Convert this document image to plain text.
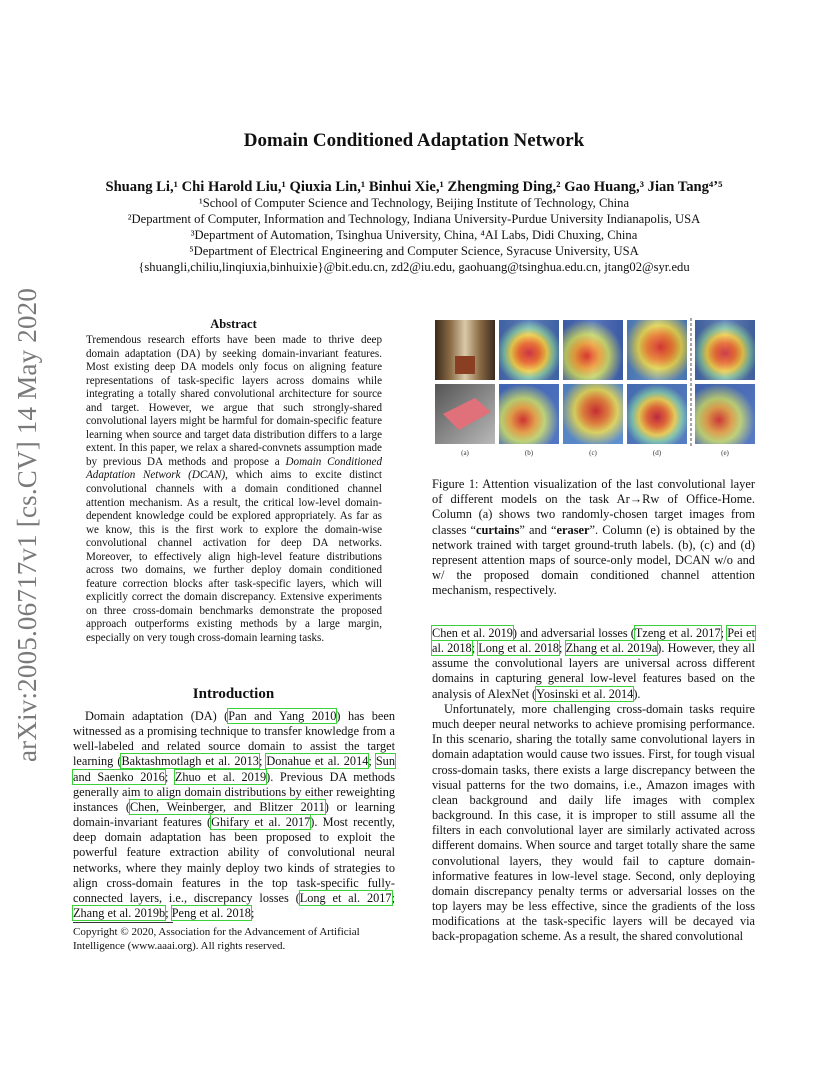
Domain Conditioned Adaptation Network
Shuang Li,¹ Chi Harold Liu,¹ Qiuxia Lin,¹ Binhui Xie,¹ Zhengming Ding,² Gao Huang,³ Jian Tang⁴ʼ⁵
¹School of Computer Science and Technology, Beijing Institute of Technology, China
²Department of Computer, Information and Technology, Indiana University-Purdue University Indianapolis, USA
³Department of Automation, Tsinghua University, China, ⁴AI Labs, Didi Chuxing, China
⁵Department of Electrical Engineering and Computer Science, Syracuse University, USA
{shuangli,chiliu,linqiuxia,binhuixie}@bit.edu.cn, zd2@iu.edu, gaohuang@tsinghua.edu.cn, jtang02@syr.edu
arXiv:2005.06717v1 [cs.CV] 14 May 2020	Abstract
Tremendous research efforts have been made to thrive deep domain adaptation (DA) by seeking domain-invariant features. Most existing deep DA models only focus on aligning feature representations of task-specific layers across domains while integrating a totally shared convolutional architecture for source and target. However, we argue that such strongly-shared convolutional layers might be harmful for domain-specific feature learning when source and target data distribution differs to a large extent. In this paper, we relax a shared-convnets assumption made by previous DA methods and propose a Domain Conditioned Adaptation Network (DCAN), which aims to excite distinct convolutional channels with a domain conditioned channel attention mechanism. As a result, the critical low-level domain-dependent knowledge could be explored appropriately. As far as we know, this is the first work to explore the domain-wise convolutional channel activation for deep DA networks. Moreover, to effectively align high-level feature distributions across two domains, we further deploy domain conditioned feature correction blocks after task-specific layers, which will explicitly correct the domain discrepancy. Extensive experiments on three cross-domain benchmarks demonstrate the proposed approach outperforms existing methods by a large margin, especially on very tough cross-domain learning tasks.
Introduction
Domain adaptation (DA) (Pan and Yang 2010) has been witnessed as a promising technique to transfer knowledge from a well-labeled and related source domain to assist the target learning (Baktashmotlagh et al. 2013; Donahue et al. 2014; Sun and Saenko 2016; Zhuo et al. 2019). Previous DA methods generally aim to align domain distributions by either reweighting instances (Chen, Weinberger, and Blitzer 2011) or learning domain-invariant features (Ghifary et al. 2017). Most recently, deep domain adaptation has been proposed to exploit the powerful feature extraction ability of convolutional neural networks, where they mainly deploy two kinds of strategies to align cross-domain features in the top task-specific fully-connected layers, i.e., discrepancy losses (Long et al. 2017; Zhang et al. 2019b; Peng et al. 2018;
Copyright © 2020, Association for the Advancement of Artificial Intelligence (www.aaai.org). All rights reserved.
(a)	(b)	(c)	(d)	(e)
Figure 1: Attention visualization of the last convolutional layer of different models on the task Ar→Rw of Office-Home. Column (a) shows two randomly-chosen target images from classes “curtains” and “eraser”. Column (e) is obtained by the network trained with target ground-truth labels. (b), (c) and (d) represent attention maps of source-only model, DCAN w/o and w/ the proposed domain conditioned channel attention mechanism, respectively.
Chen et al. 2019) and adversarial losses (Tzeng et al. 2017; Pei et al. 2018; Long et al. 2018; Zhang et al. 2019a). However, they all assume the convolutional layers are universal across different domains in capturing general low-level features based on the analysis of AlexNet (Yosinski et al. 2014).
Unfortunately, more challenging cross-domain tasks require much deeper neural networks to achieve promising performance. In this scenario, sharing the totally same convolutional layers in domain adaptation would cause two issues. First, for tough visual cross-domain tasks, there exists a large discrepancy between the visual patterns for the two domains, i.e., Amazon images with clean background and daily life images with complex background. In this case, it is improper to still assume all the filters in each convolutional layer are similarly activated across different domains. When source and target totally share the same convolutional layers, they would fail to capture domain-informative features in low-level stage. Second, only deploying domain discrepancy penalty terms or adversarial losses on the top layers may be less effective, since the gradients of the loss modifications at the task-specific layers will be decayed via back-propagation scheme. As a result, the shared convolutional
